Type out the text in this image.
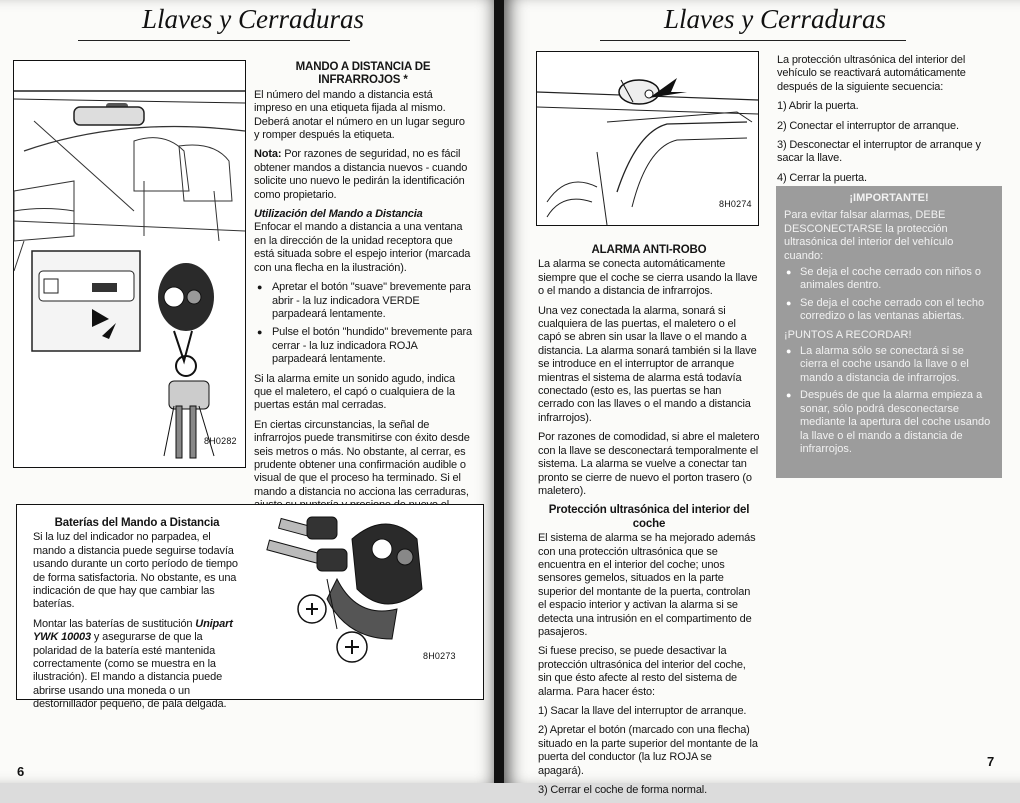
Llaves y Cerraduras
8H0282
MANDO A DISTANCIA DE INFRARROJOS *

El número del mando a distancia está impreso en una etiqueta fijada al mismo. Deberá anotar el número en un lugar seguro y romper después la etiqueta.

Nota: Por razones de seguridad, no es fácil obtener mandos a distancia nuevos - cuando solicite uno nuevo le pedirán la identificación como propietario.

Utilización del Mando a Distancia

Enfocar el mando a distancia a una ventana en la dirección de la unidad receptora que está situada sobre el espejo interior (marcada con una flecha en la ilustración).

● Apretar el botón "suave" brevemente para abrir - la luz indicadora VERDE parpadeará lentamente.
● Pulse el botón "hundido" brevemente para cerrar - la luz indicadora ROJA parpadeará lentamente.

Si la alarma emite un sonido agudo, indica que el maletero, el capó o cualquiera de la puertas están mal cerradas.

En ciertas circunstancias, la señal de infrarrojos puede transmitirse con éxito desde seis metros o más. No obstante, al cerrar, es prudente obtener una confirmación audible o visual de que el proceso ha terminado. Si el mando a distancia no acciona las cerraduras,

Baterías del Mando a Distancia

Si la luz del indicador no parpadea, el mando a distancia puede seguirse todavía usando durante un corto período de tiempo de forma satisfactoria. No obstante, es una indicación de que hay que cambiar las baterías.

Montar las baterías de sustitución Unipart YWK 10003 y asegurarse de que la polaridad de la batería esté mantenida correctamente (como se muestra en la ilustración). El mando a distancia puede abrirse usando una moneda o un destornillador pequeño, de pala delgada.

8H0273
6
Llaves y Cerraduras
8H0274
ALARMA ANTI-ROBO

La alarma se conecta automáticamente siempre que el coche se cierra usando la llave o el mando a distancia de infrarrojos.

Una vez conectada la alarma, sonará si cualquiera de las puertas, el maletero o el capó se abren sin usar la llave o el mando a distancia. La alarma sonará también si la llave se introduce en el interruptor de arranque mientras el sistema de alarma está todavía conectado (esto es, las puertas se han cerrado con las llaves o el mando a distancia infrarrojos).

Por razones de comodidad, si abre el maletero con la llave se desconectará temporalmente el sistema. La alarma se vuelve a conectar tan pronto se cierre de nuevo el porton trasero (o maletero).

Protección ultrasónica del interior del coche

El sistema de alarma se ha mejorado además con una protección ultrasónica que se encuentra en el interior del coche; unos sensores gemelos, situados en la parte superior del montante de la puerta, controlan el espacio interior y activan la alarma si se detecta una intrusión en el compartimento de pasajeros.

Si fuese preciso, se puede desactivar la protección ultrasónica del interior del coche, sin que ésto afecte al resto del sistema de alarma. Para hacer ésto:

1) Sacar la llave del interruptor de arranque.
2) Apretar el botón (marcado con una flecha) situado en la parte superior del montante de la puerta del conductor (la luz ROJA se apagará).
3) Cerrar el coche de forma normal.

La protección ultrasónica del interior del vehículo se reactivará automáticamente después de la siguiente secuencia:

1) Abrir la puerta.
2) Conectar el interruptor de arranque.
3) Desconectar el interruptor de arranque y sacar la llave.
4) Cerrar la puerta.
7
¡IMPORTANTE!

Para evitar falsar alarmas, DEBE DESCONECTARSE la protección ultrasónica del interior del vehículo cuando:

● Se deja el coche cerrado con niños o animales dentro.
● Se deja el coche cerrado con el techo corredizo o las ventanas abiertas.

¡PUNTOS A RECORDAR!

● La alarma sólo se conectará si se cierra el coche usando la llave o el mando a distancia de infrarrojos.
● Después de que la alarma empieza a sonar, sólo podrá desconectarse mediante la apertura del coche usando la llave o el mando a distancia de infrarrojos.
